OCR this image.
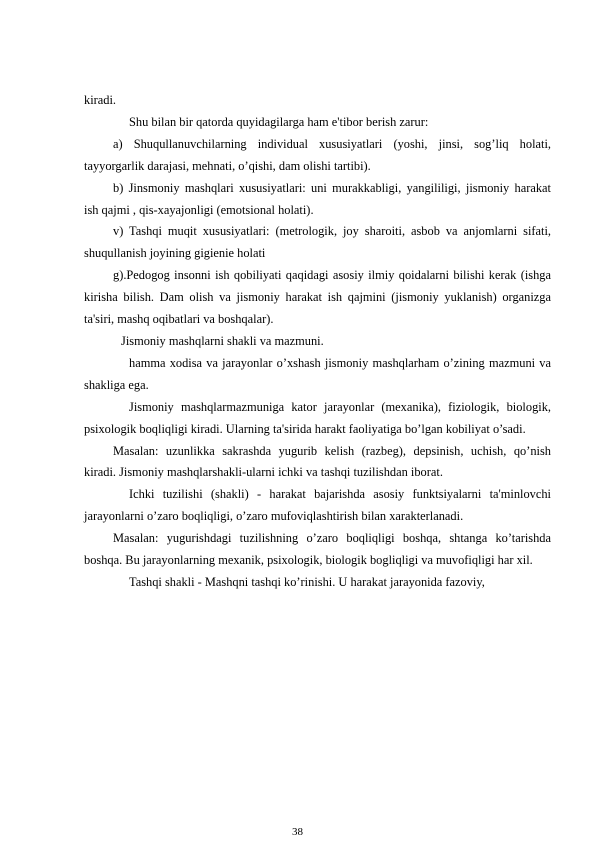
kiradi.

Shu bilan bir qatorda quyidagilarga ham e'tibor berish zarur:

a) Shuqullanuvchilarning individual xususiyatlari (yoshi, jinsi, sog’liq holati, tayyorgarlik darajasi, mehnati, o’qishi, dam olishi tartibi).

b) Jinsmoniy mashqlari xususiyatlari: uni murakkabligi, yangililigi, jismoniy harakat ish qajmi , qis-xayajonligi (emotsional holati).

v) Tashqi muqit xususiyatlari: (metrologik, joy sharoiti, asbob va anjomlarni sifati, shuqullanish joyining gigienie holati

g).Pedogog insonni ish qobiliyati qaqidagi asosiy ilmiy qoidalarni bilishi kerak (ishga kirisha bilish. Dam olish va jismoniy harakat ish qajmini (jismoniy yuklanish) organizga ta'siri, mashq oqibatlari va boshqalar).

Jismoniy mashqlarni shakli va mazmuni.

hamma xodisa va jarayonlar o’xshash jismoniy mashqlarham o’zining mazmuni va shakliga ega.

Jismoniy mashqlarmazmuniga kator jarayonlar (mexanika), fiziologik, biologik, psixologik boqliqligi kiradi. Ularning ta'sirida harakt faoliyatiga bo’lgan kobiliyat o’sadi.

Masalan: uzunlikka sakrashda yugurib kelish (razbeg), depsinish, uchish, qo’nish kiradi. Jismoniy mashqlarshakli-ularni ichki va tashqi tuzilishdan iborat.

Ichki tuzilishi (shakli) - harakat bajarishda asosiy funktsiyalarni ta'minlovchi jarayonlarni o’zaro boqliqligi, o’zaro mufoviqlashtirish bilan xarakterlanadi.

Masalan: yugurishdagi tuzilishning o’zaro boqliqligi boshqa, shtanga ko’tarishda boshqa. Bu jarayonlarning mexanik, psixologik, biologik bogliqligi va muvofiqligi har xil.

Tashqi shakli - Mashqni tashqi ko’rinishi. U harakat jarayonida fazoviy,

38
